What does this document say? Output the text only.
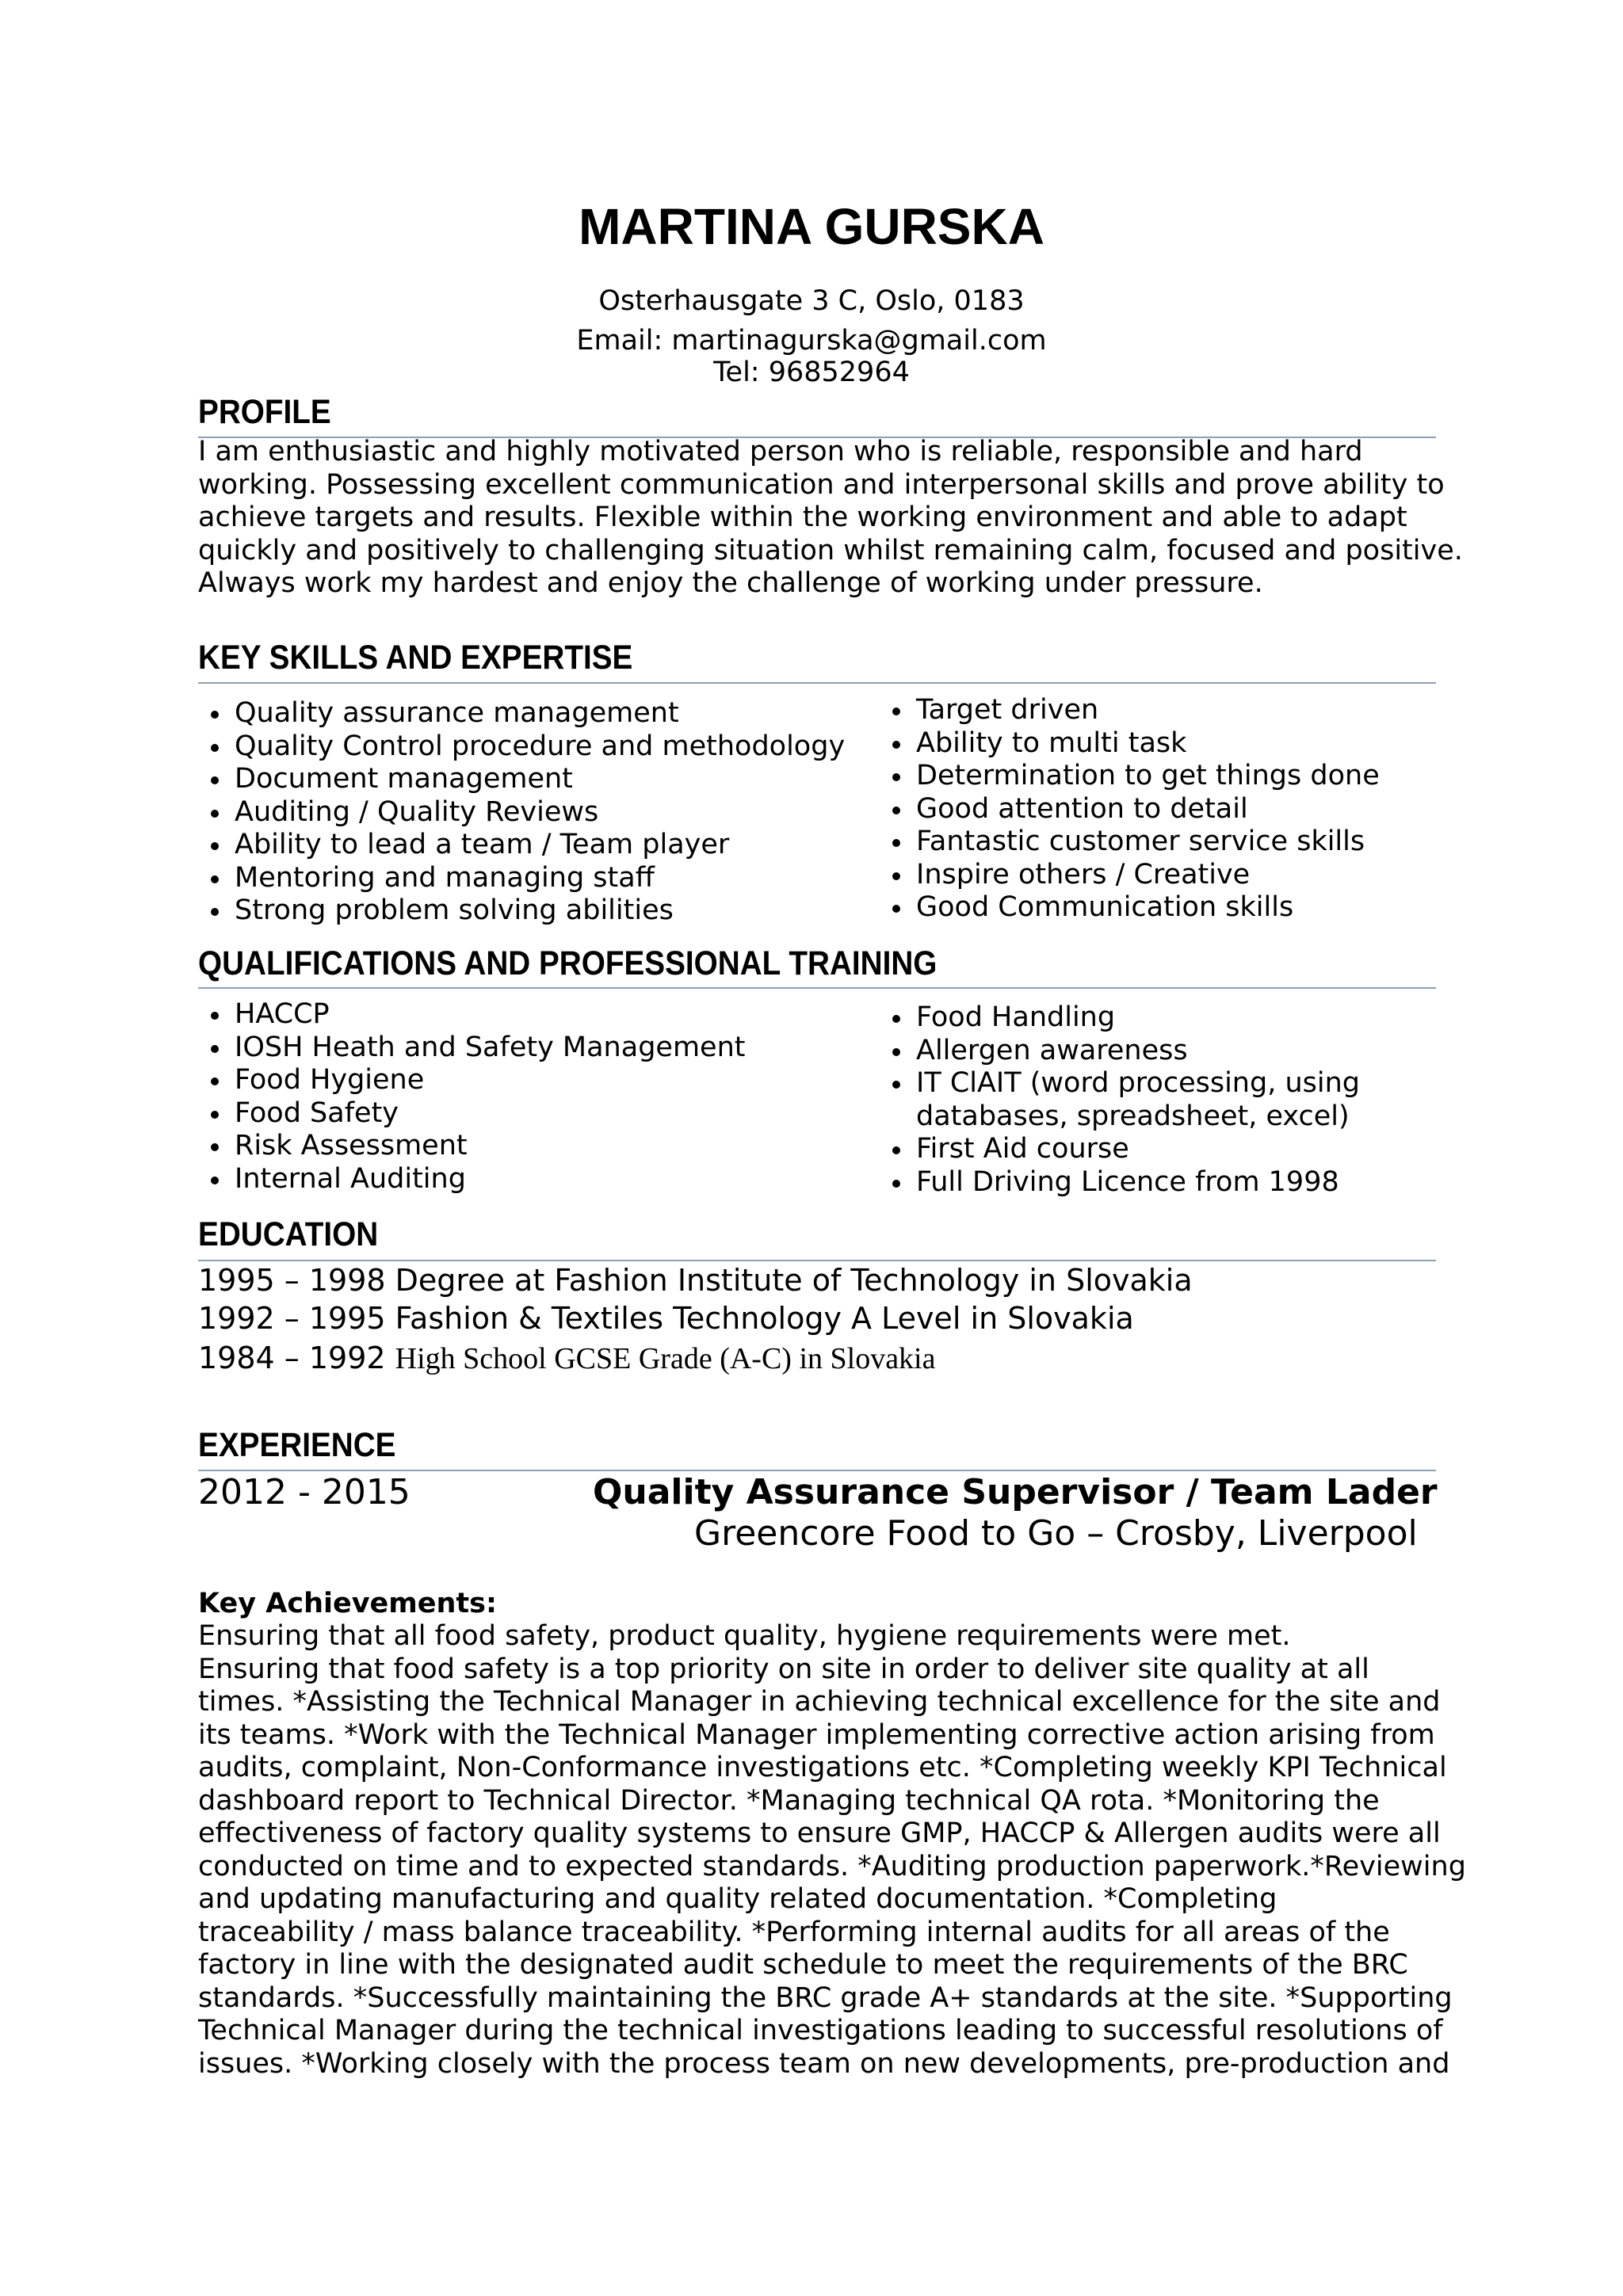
MARTINA GURSKA
Osterhausgate 3 C, Oslo, 0183
Email: martinagurska@gmail.com
Tel: 96852964
PROFILE
I am enthusiastic and highly motivated person who is reliable, responsible and hard
working. Possessing excellent communication and interpersonal skills and prove ability to
achieve targets and results. Flexible within the working environment and able to adapt
quickly and positively to challenging situation whilst remaining calm, focused and positive.
Always work my hardest and enjoy the challenge of working under pressure.
KEY SKILLS AND EXPERTISE
Quality assurance management
Quality Control procedure and methodology
Document management
Auditing / Quality Reviews
Ability to lead a team / Team player
Mentoring and managing staff
Strong problem solving abilities
Target driven
Ability to multi task
Determination to get things done
Good attention to detail
Fantastic customer service skills
Inspire others / Creative
Good Communication skills
QUALIFICATIONS AND PROFESSIONAL TRAINING
HACCP
IOSH Heath and Safety Management
Food Hygiene
Food Safety
Risk Assessment
Internal Auditing
Food Handling
Allergen awareness
IT ClAIT (word processing, using
databases, spreadsheet, excel)
First Aid course
Full Driving Licence from 1998
EDUCATION
1995 – 1998 Degree at Fashion Institute of Technology in Slovakia
1992 – 1995 Fashion & Textiles Technology A Level in Slovakia
1984 – 1992 High School GCSE Grade (A-C) in Slovakia
EXPERIENCE
2012 - 2015	Quality Assurance Supervisor / Team Lader
Greencore Food to Go – Crosby, Liverpool
Key Achievements:
Ensuring that all food safety, product quality, hygiene requirements were met.
Ensuring that food safety is a top priority on site in order to deliver site quality at all
times. *Assisting the Technical Manager in achieving technical excellence for the site and
its teams. *Work with the Technical Manager implementing corrective action arising from
audits, complaint, Non-Conformance investigations etc. *Completing weekly KPI Technical
dashboard report to Technical Director. *Managing technical QA rota. *Monitoring the
effectiveness of factory quality systems to ensure GMP, HACCP & Allergen audits were all
conducted on time and to expected standards. *Auditing production paperwork.*Reviewing
and updating manufacturing and quality related documentation. *Completing
traceability / mass balance traceability. *Performing internal audits for all areas of the
factory in line with the designated audit schedule to meet the requirements of the BRC
standards. *Successfully maintaining the BRC grade A+ standards at the site. *Supporting
Technical Manager during the technical investigations leading to successful resolutions of
issues. *Working closely with the process team on new developments, pre-production and
